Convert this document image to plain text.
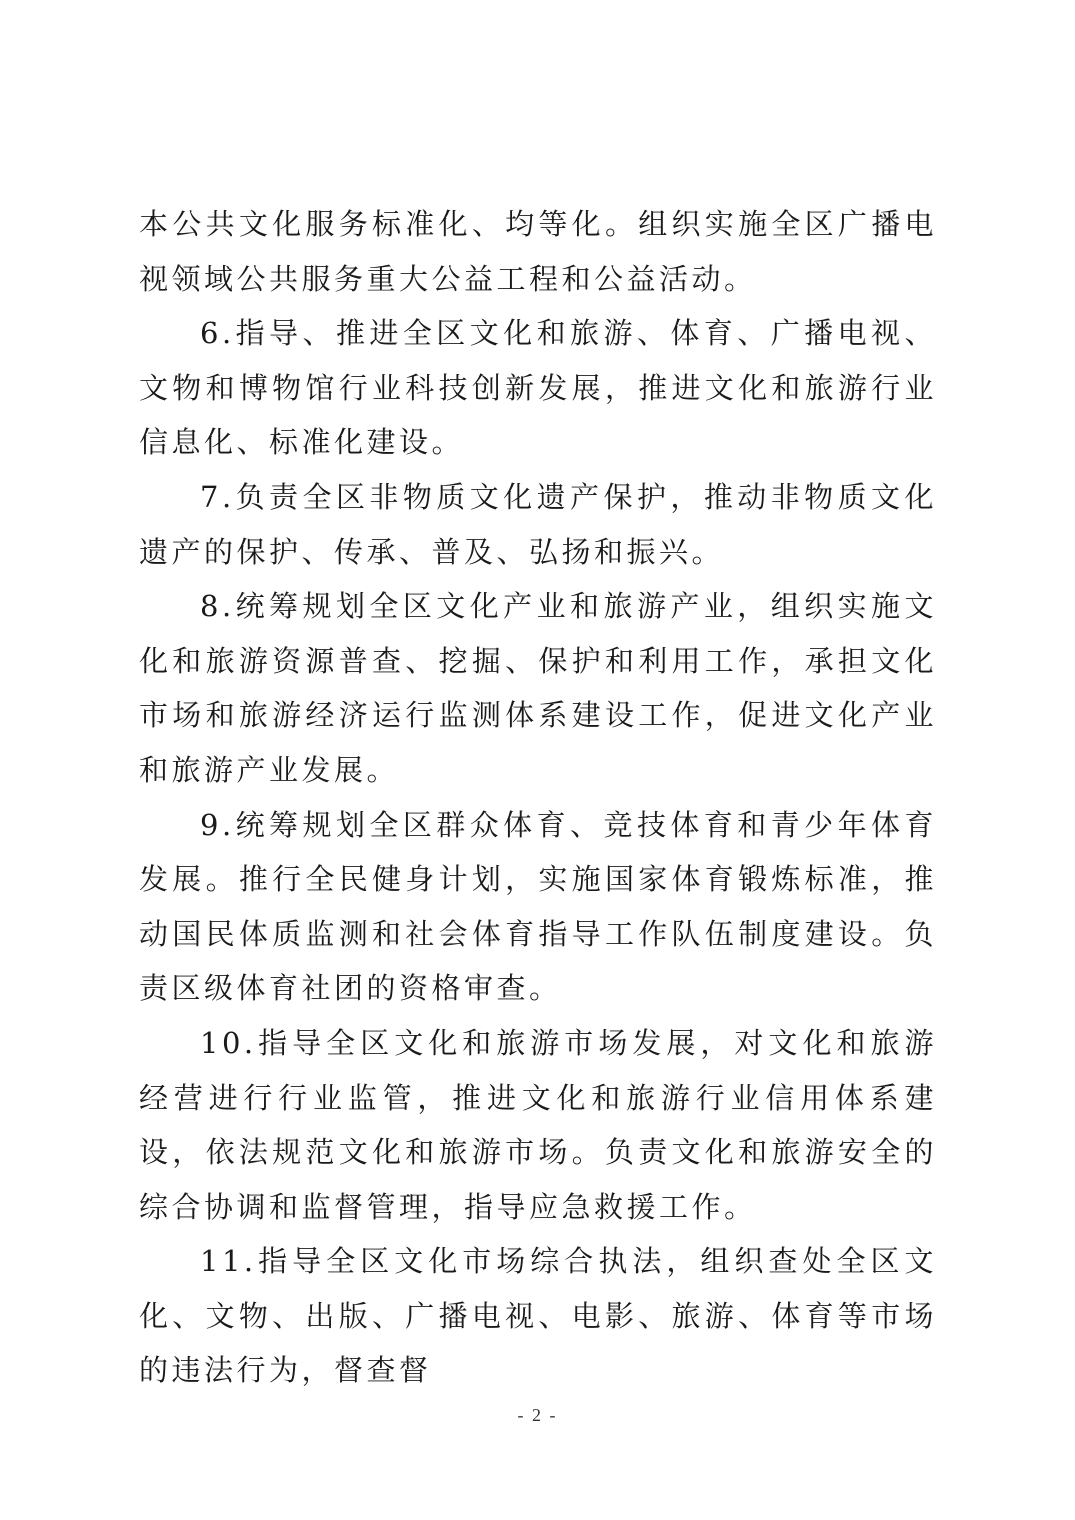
本公共文化服务标准化、均等化。组织实施全区广播电视领域公共服务重大公益工程和公益活动。

6.指导、推进全区文化和旅游、体育、广播电视、文物和博物馆行业科技创新发展，推进文化和旅游行业信息化、标准化建设。

7.负责全区非物质文化遗产保护，推动非物质文化遗产的保护、传承、普及、弘扬和振兴。

8.统筹规划全区文化产业和旅游产业，组织实施文化和旅游资源普查、挖掘、保护和利用工作，承担文化市场和旅游经济运行监测体系建设工作，促进文化产业和旅游产业发展。

9.统筹规划全区群众体育、竞技体育和青少年体育发展。推行全民健身计划，实施国家体育锻炼标准，推动国民体质监测和社会体育指导工作队伍制度建设。负责区级体育社团的资格审查。

10.指导全区文化和旅游市场发展，对文化和旅游经营进行行业监管，推进文化和旅游行业信用体系建设，依法规范文化和旅游市场。负责文化和旅游安全的综合协调和监督管理，指导应急救援工作。

11.指导全区文化市场综合执法，组织查处全区文化、文物、出版、广播电视、电影、旅游、体育等市场的违法行为，督查督

- 2 -
